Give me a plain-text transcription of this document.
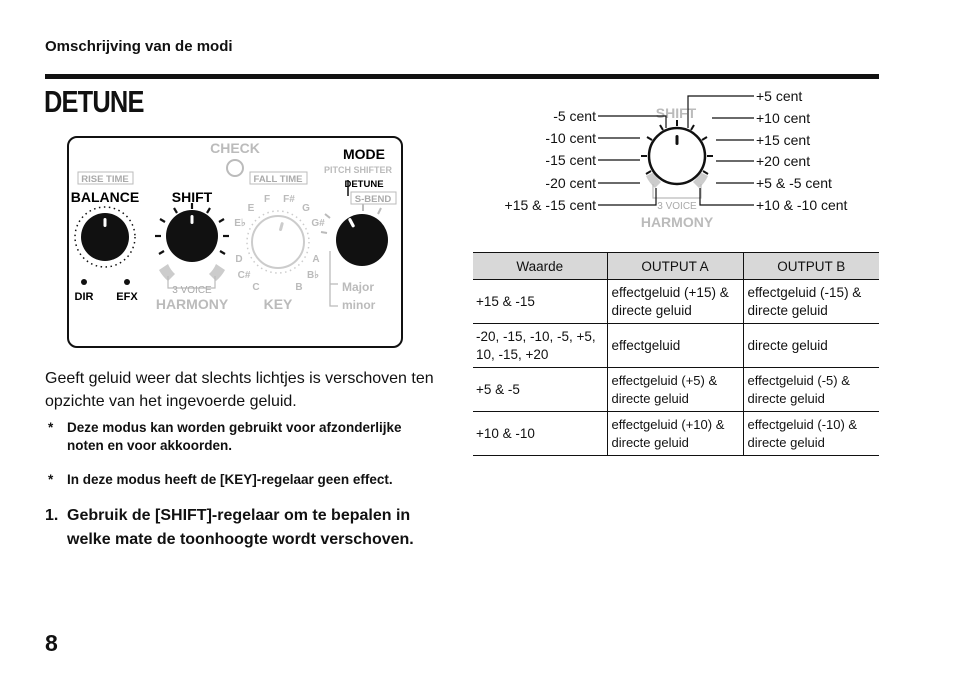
Omschrijving van de modi
DETUNE
RISE TIME
BALANCE
DIR EFX
SHIFT
3 VOICE
HARMONY
CHECK
FALL TIME
E
F F#
G
G#
E♭
D
C#
C	B
A
B♭
KEY
MODE
PITCH SHIFTER
DETUNE
S-BEND
Major
minor
Geeft geluid weer dat slechts lichtjes is verschoven ten opzichte van het ingevoerde geluid.
* Deze modus kan worden gebruikt voor afzonderlijke noten en voor akkoorden.
* In deze modus heeft de [KEY]-regelaar geen effect.
1. Gebruik de [SHIFT]-regelaar om te bepalen in welke mate de toonhoogte wordt verschoven.
8
SHIFT
3 VOICE
HARMONY
-5 cent
-10 cent
-15 cent
-20 cent
+15 & -15 cent
+5 cent
+10 cent
+15 cent
+20 cent
+5 & -5 cent
+10 & -10 cent
Waarde	OUTPUT A	OUTPUT B
+15 & -15	effectgeluid (+15) & directe geluid	effectgeluid (-15) & directe geluid
-20, -15, -10, -5, +5, 10, -15, +20	effectgeluid	directe geluid
+5 & -5	effectgeluid (+5) & directe geluid	effectgeluid (-5) & directe geluid
+10 & -10	effectgeluid (+10) & directe geluid	effectgeluid (-10) & directe geluid
